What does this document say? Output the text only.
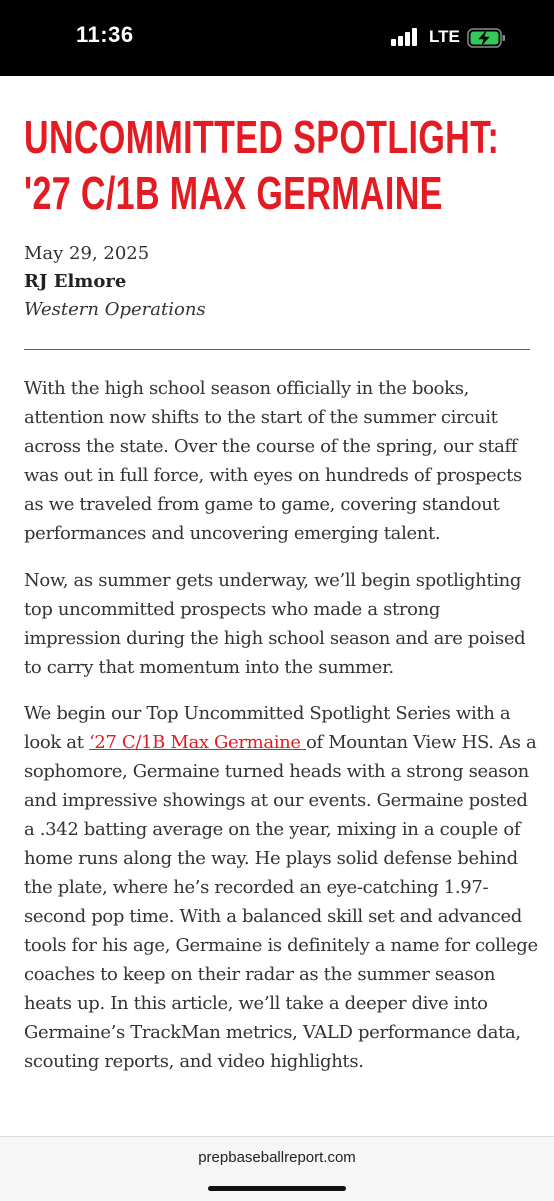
11:36	LTE
UNCOMMITTED SPOTLIGHT: '27 C/1B MAX GERMAINE
May 29, 2025
RJ Elmore
Western Operations

With the high school season officially in the books, attention now shifts to the start of the summer circuit across the state. Over the course of the spring, our staff was out in full force, with eyes on hundreds of prospects as we traveled from game to game, covering standout performances and uncovering emerging talent.

Now, as summer gets underway, we’ll begin spotlighting top uncommitted prospects who made a strong impression during the high school season and are poised to carry that momentum into the summer.

We begin our Top Uncommitted Spotlight Series with a look at ‘27 C/1B Max Germaine of Mountan View HS. As a sophomore, Germaine turned heads with a strong season and impressive showings at our events. Germaine posted a .342 batting average on the year, mixing in a couple of home runs along the way. He plays solid defense behind the plate, where he’s recorded an eye-catching 1.97-second pop time. With a balanced skill set and advanced tools for his age, Germaine is definitely a name for college coaches to keep on their radar as the summer season heats up. In this article, we’ll take a deeper dive into Germaine’s TrackMan metrics, VALD performance data, scouting reports, and video highlights.

prepbaseballreport.com
